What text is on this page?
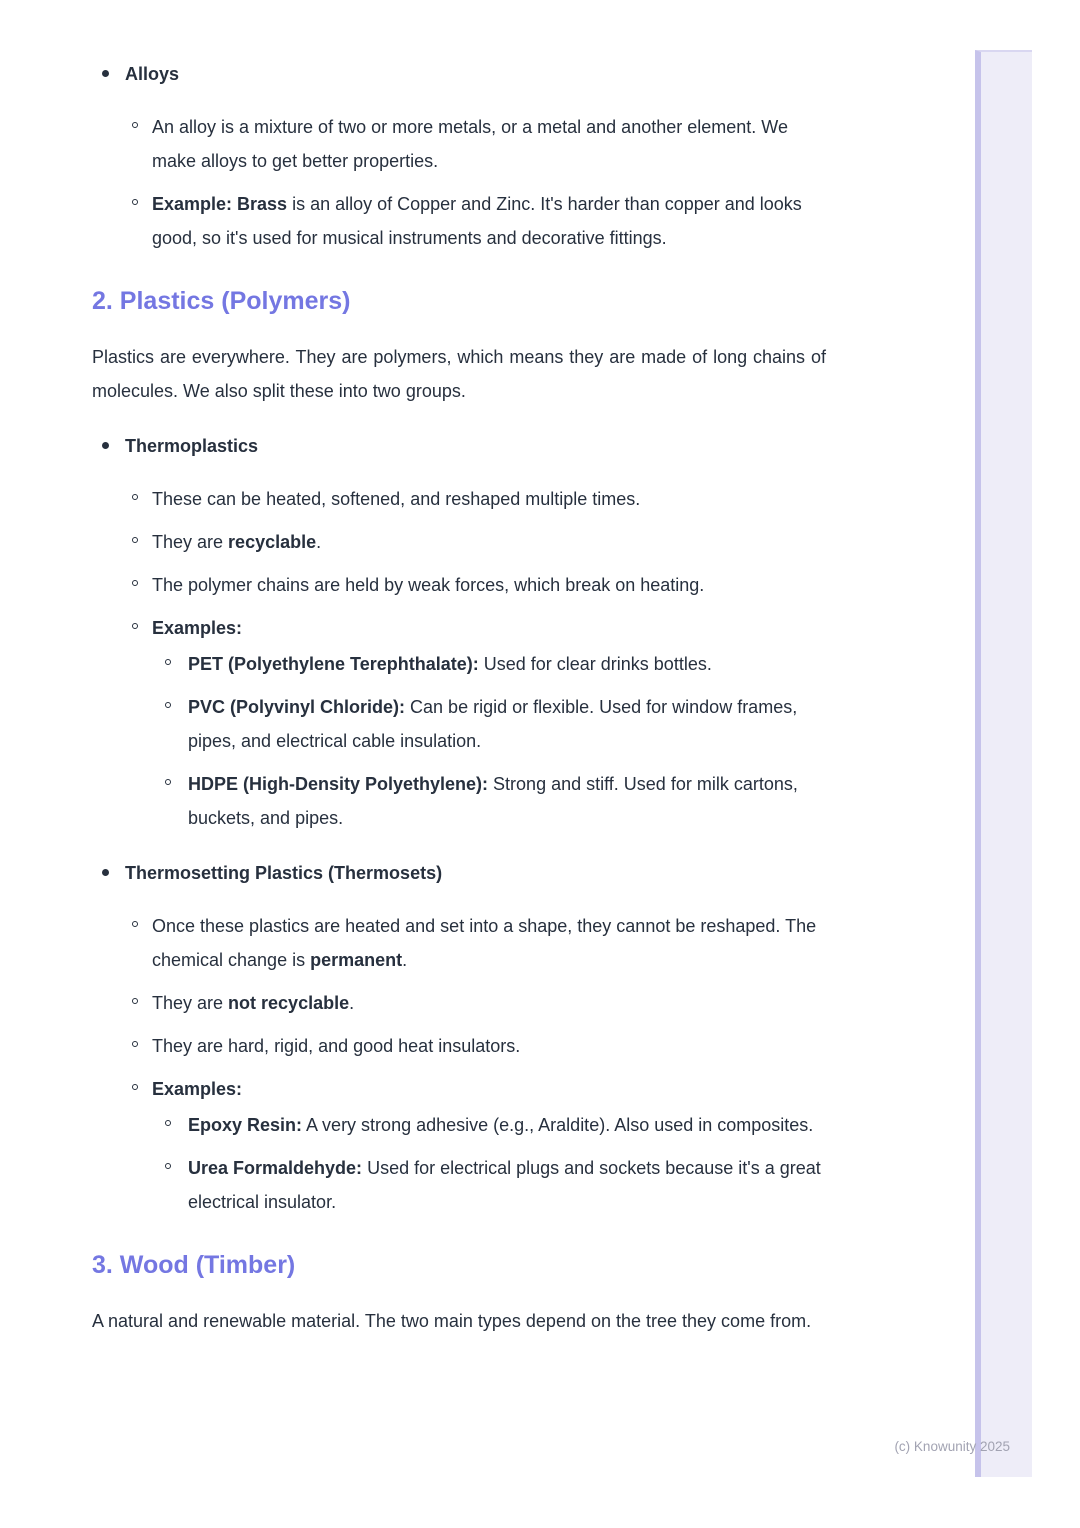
Alloys
An alloy is a mixture of two or more metals, or a metal and another element. We make alloys to get better properties.
Example: Brass is an alloy of Copper and Zinc. It's harder than copper and looks good, so it's used for musical instruments and decorative fittings.
2. Plastics (Polymers)

Plastics are everywhere. They are polymers, which means they are made of long chains of molecules. We also split these into two groups.

Thermoplastics
These can be heated, softened, and reshaped multiple times.
They are recyclable.
The polymer chains are held by weak forces, which break on heating.
Examples:
PET (Polyethylene Terephthalate): Used for clear drinks bottles.
PVC (Polyvinyl Chloride): Can be rigid or flexible. Used for window frames, pipes, and electrical cable insulation.
HDPE (High-Density Polyethylene): Strong and stiff. Used for milk cartons, buckets, and pipes.
Thermosetting Plastics (Thermosets)
Once these plastics are heated and set into a shape, they cannot be reshaped. The chemical change is permanent.
They are not recyclable.
They are hard, rigid, and good heat insulators.
Examples:
Epoxy Resin: A very strong adhesive (e.g., Araldite). Also used in composites.
Urea Formaldehyde: Used for electrical plugs and sockets because it's a great electrical insulator.
3. Wood (Timber)

A natural and renewable material. The two main types depend on the tree they come from.

(c) Knowunity 2025
